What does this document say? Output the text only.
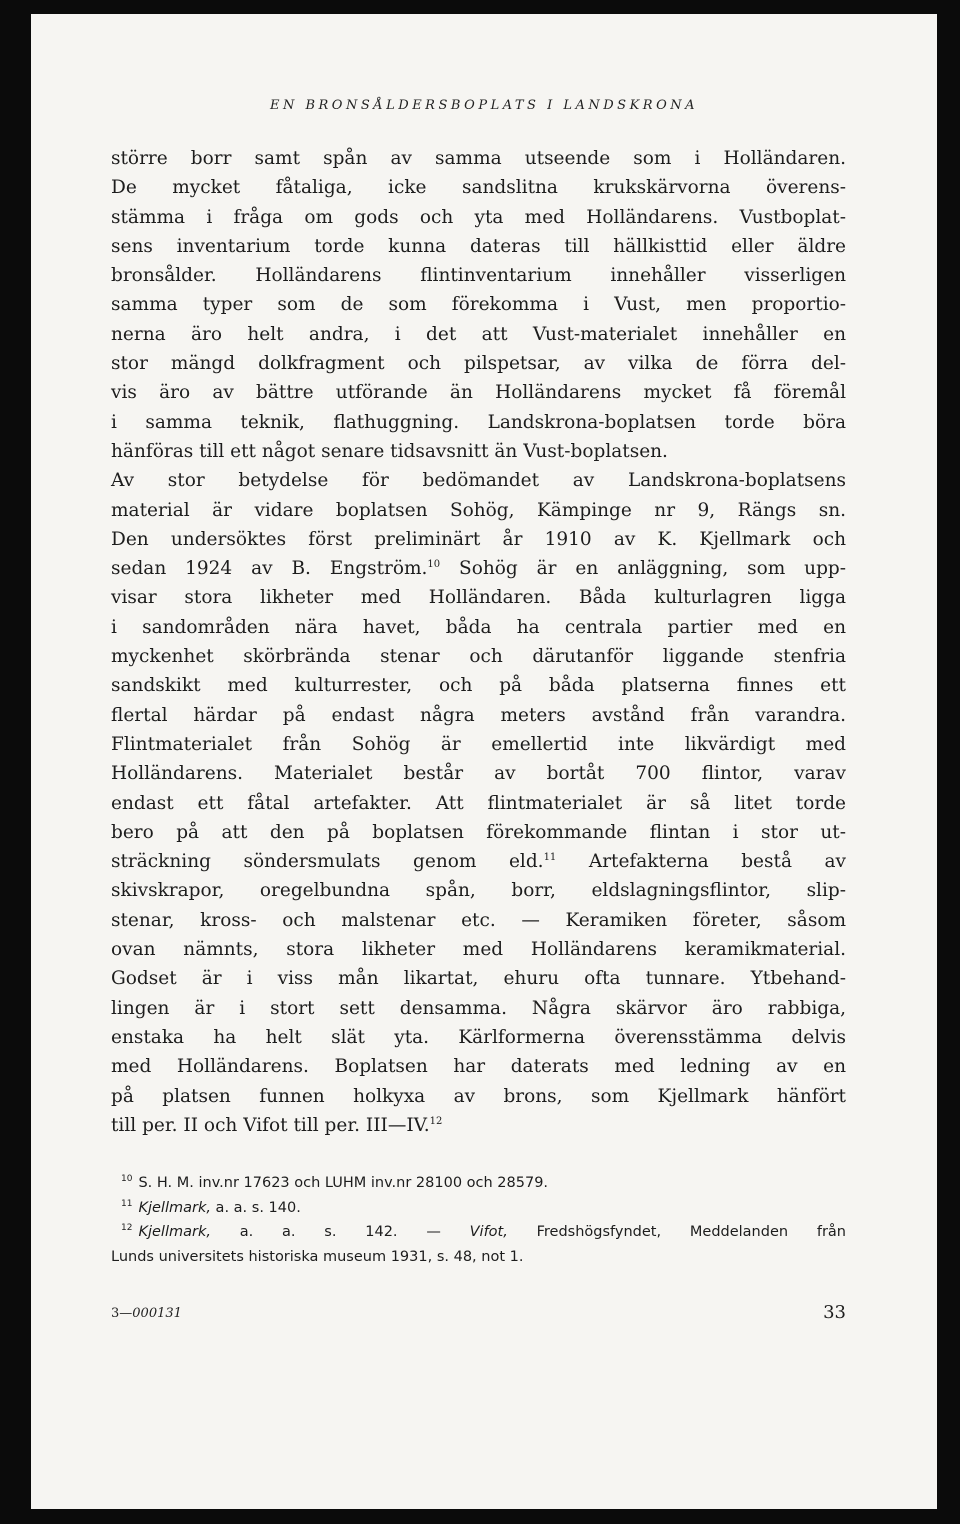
EN BRONSÅLDERSBOPLATS I LANDSKRONA
större borr samt spån av samma utseende som i Holländaren.
De mycket fåtaliga, icke sandslitna krukskärvorna överens-
stämma i fråga om gods och yta med Holländarens. Vustboplat-
sens inventarium torde kunna dateras till hällkisttid eller äldre
bronsålder. Holländarens flintinventarium innehåller visserligen
samma typer som de som förekomma i Vust, men proportio-
nerna äro helt andra, i det att Vust-materialet innehåller en
stor mängd dolkfragment och pilspetsar, av vilka de förra del-
vis äro av bättre utförande än Holländarens mycket få föremål
i samma teknik, flathuggning. Landskrona-boplatsen torde böra
hänföras till ett något senare tidsavsnitt än Vust-boplatsen.
Av stor betydelse för bedömandet av Landskrona-boplatsens
material är vidare boplatsen Sohög, Kämpinge nr 9, Rängs sn.
Den undersöktes först preliminärt år 1910 av K. Kjellmark och
sedan 1924 av B. Engström.$^{10}$ Sohög är en anläggning, som upp-
visar stora likheter med Holländaren. Båda kulturlagren ligga
i sandområden nära havet, båda ha centrala partier med en
myckenhet skörbrända stenar och därutanför liggande stenfria
sandskikt med kulturrester, och på båda platserna finnes ett
flertal härdar på endast några meters avstånd från varandra.
Flintmaterialet från Sohög är emellertid inte likvärdigt med
Holländarens. Materialet består av bortåt 700 flintor, varav
endast ett fåtal artefakter. Att flintmaterialet är så litet torde
bero på att den på boplatsen förekommande flintan i stor ut-
sträckning söndersmulats genom eld.$^{11}$ Artefakterna bestå av
skivskrapor, oregelbundna spån, borr, eldslagningsflintor, slip-
stenar, kross- och malstenar etc. — Keramiken företer, såsom
ovan nämnts, stora likheter med Holländarens keramikmaterial.
Godset är i viss mån likartat, ehuru ofta tunnare. Ytbehand-
lingen är i stort sett densamma. Några skärvor äro rabbiga,
enstaka ha helt slät yta. Kärlformerna överensstämma delvis
med Holländarens. Boplatsen har daterats med ledning av en
på platsen funnen holkyxa av brons, som Kjellmark hänfört
till per. II och Vifot till per. III—IV.$^{12}$
$^{10}$ S. H. M. inv.nr 17623 och LUHM inv.nr 28100 och 28579.
$^{11}$ Kjellmark, a. a. s. 140.
$^{12}$ Kjellmark, a. a. s. 142. — Vifot, Fredshögsfyndet, Meddelanden från
Lunds universitets historiska museum 1931, s. 48, not 1.
3—000131	33
